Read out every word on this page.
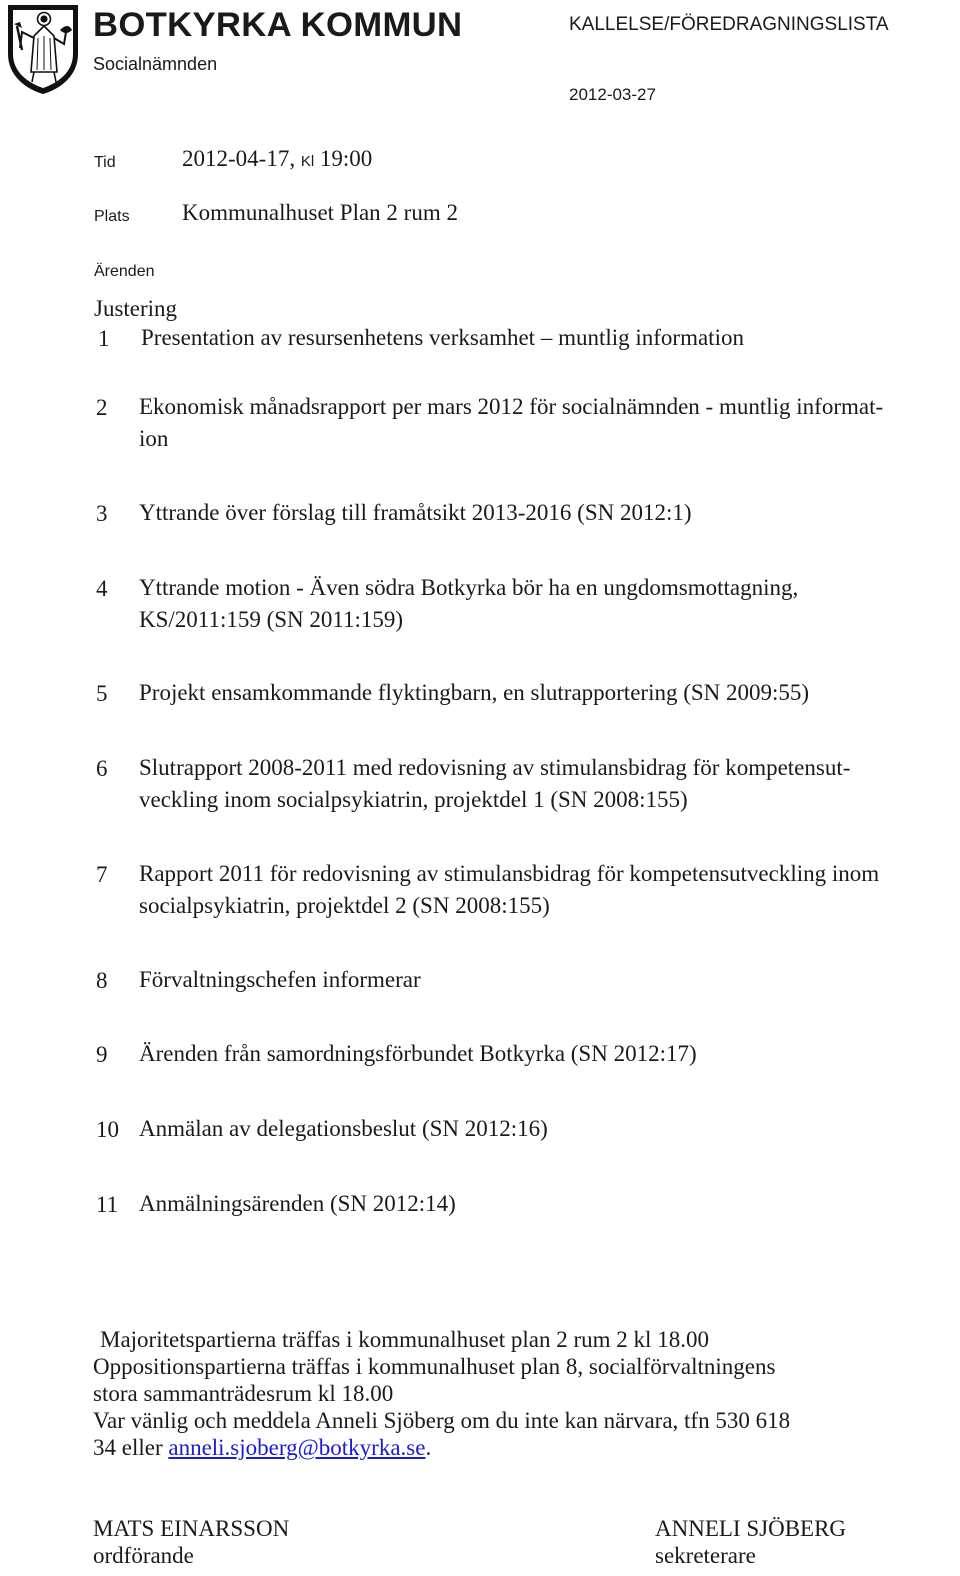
BOTKYRKA KOMMUN
Socialnämnden
KALLELSE/FÖREDRAGNINGSLISTA
2012-03-27
Tid	2012-04-17, Kl 19:00
Plats Kommunalhuset Plan 2 rum 2
Ärenden
Justering
1 Presentation av resursenhetens verksamhet – muntlig information
2 Ekonomisk månadsrapport per mars 2012 för socialnämnden - muntlig informat-
ion
3 Yttrande över förslag till framåtsikt 2013-2016 (SN 2012:1)
4 Yttrande motion - Även södra Botkyrka bör ha en ungdomsmottagning,
KS/2011:159 (SN 2011:159)
5 Projekt ensamkommande flyktingbarn, en slutrapportering (SN 2009:55)
6 Slutrapport 2008-2011 med redovisning av stimulansbidrag för kompetensut-
veckling inom socialpsykiatrin, projektdel 1 (SN 2008:155)
7 Rapport 2011 för redovisning av stimulansbidrag för kompetensutveckling inom
socialpsykiatrin, projektdel 2 (SN 2008:155)
8 Förvaltningschefen informerar
9 Ärenden från samordningsförbundet Botkyrka (SN 2012:17)
10 Anmälan av delegationsbeslut (SN 2012:16)
11 Anmälningsärenden (SN 2012:14)
Majoritetspartierna träffas i kommunalhuset plan 2 rum 2 kl 18.00
Oppositionspartierna träffas i kommunalhuset plan 8, socialförvaltningens
stora sammanträdesrum kl 18.00
Var vänlig och meddela Anneli Sjöberg om du inte kan närvara, tfn 530 618
34 eller anneli.sjoberg@botkyrka.se.
MATS EINARSSON
ordförande
ANNELI SJÖBERG
sekreterare
